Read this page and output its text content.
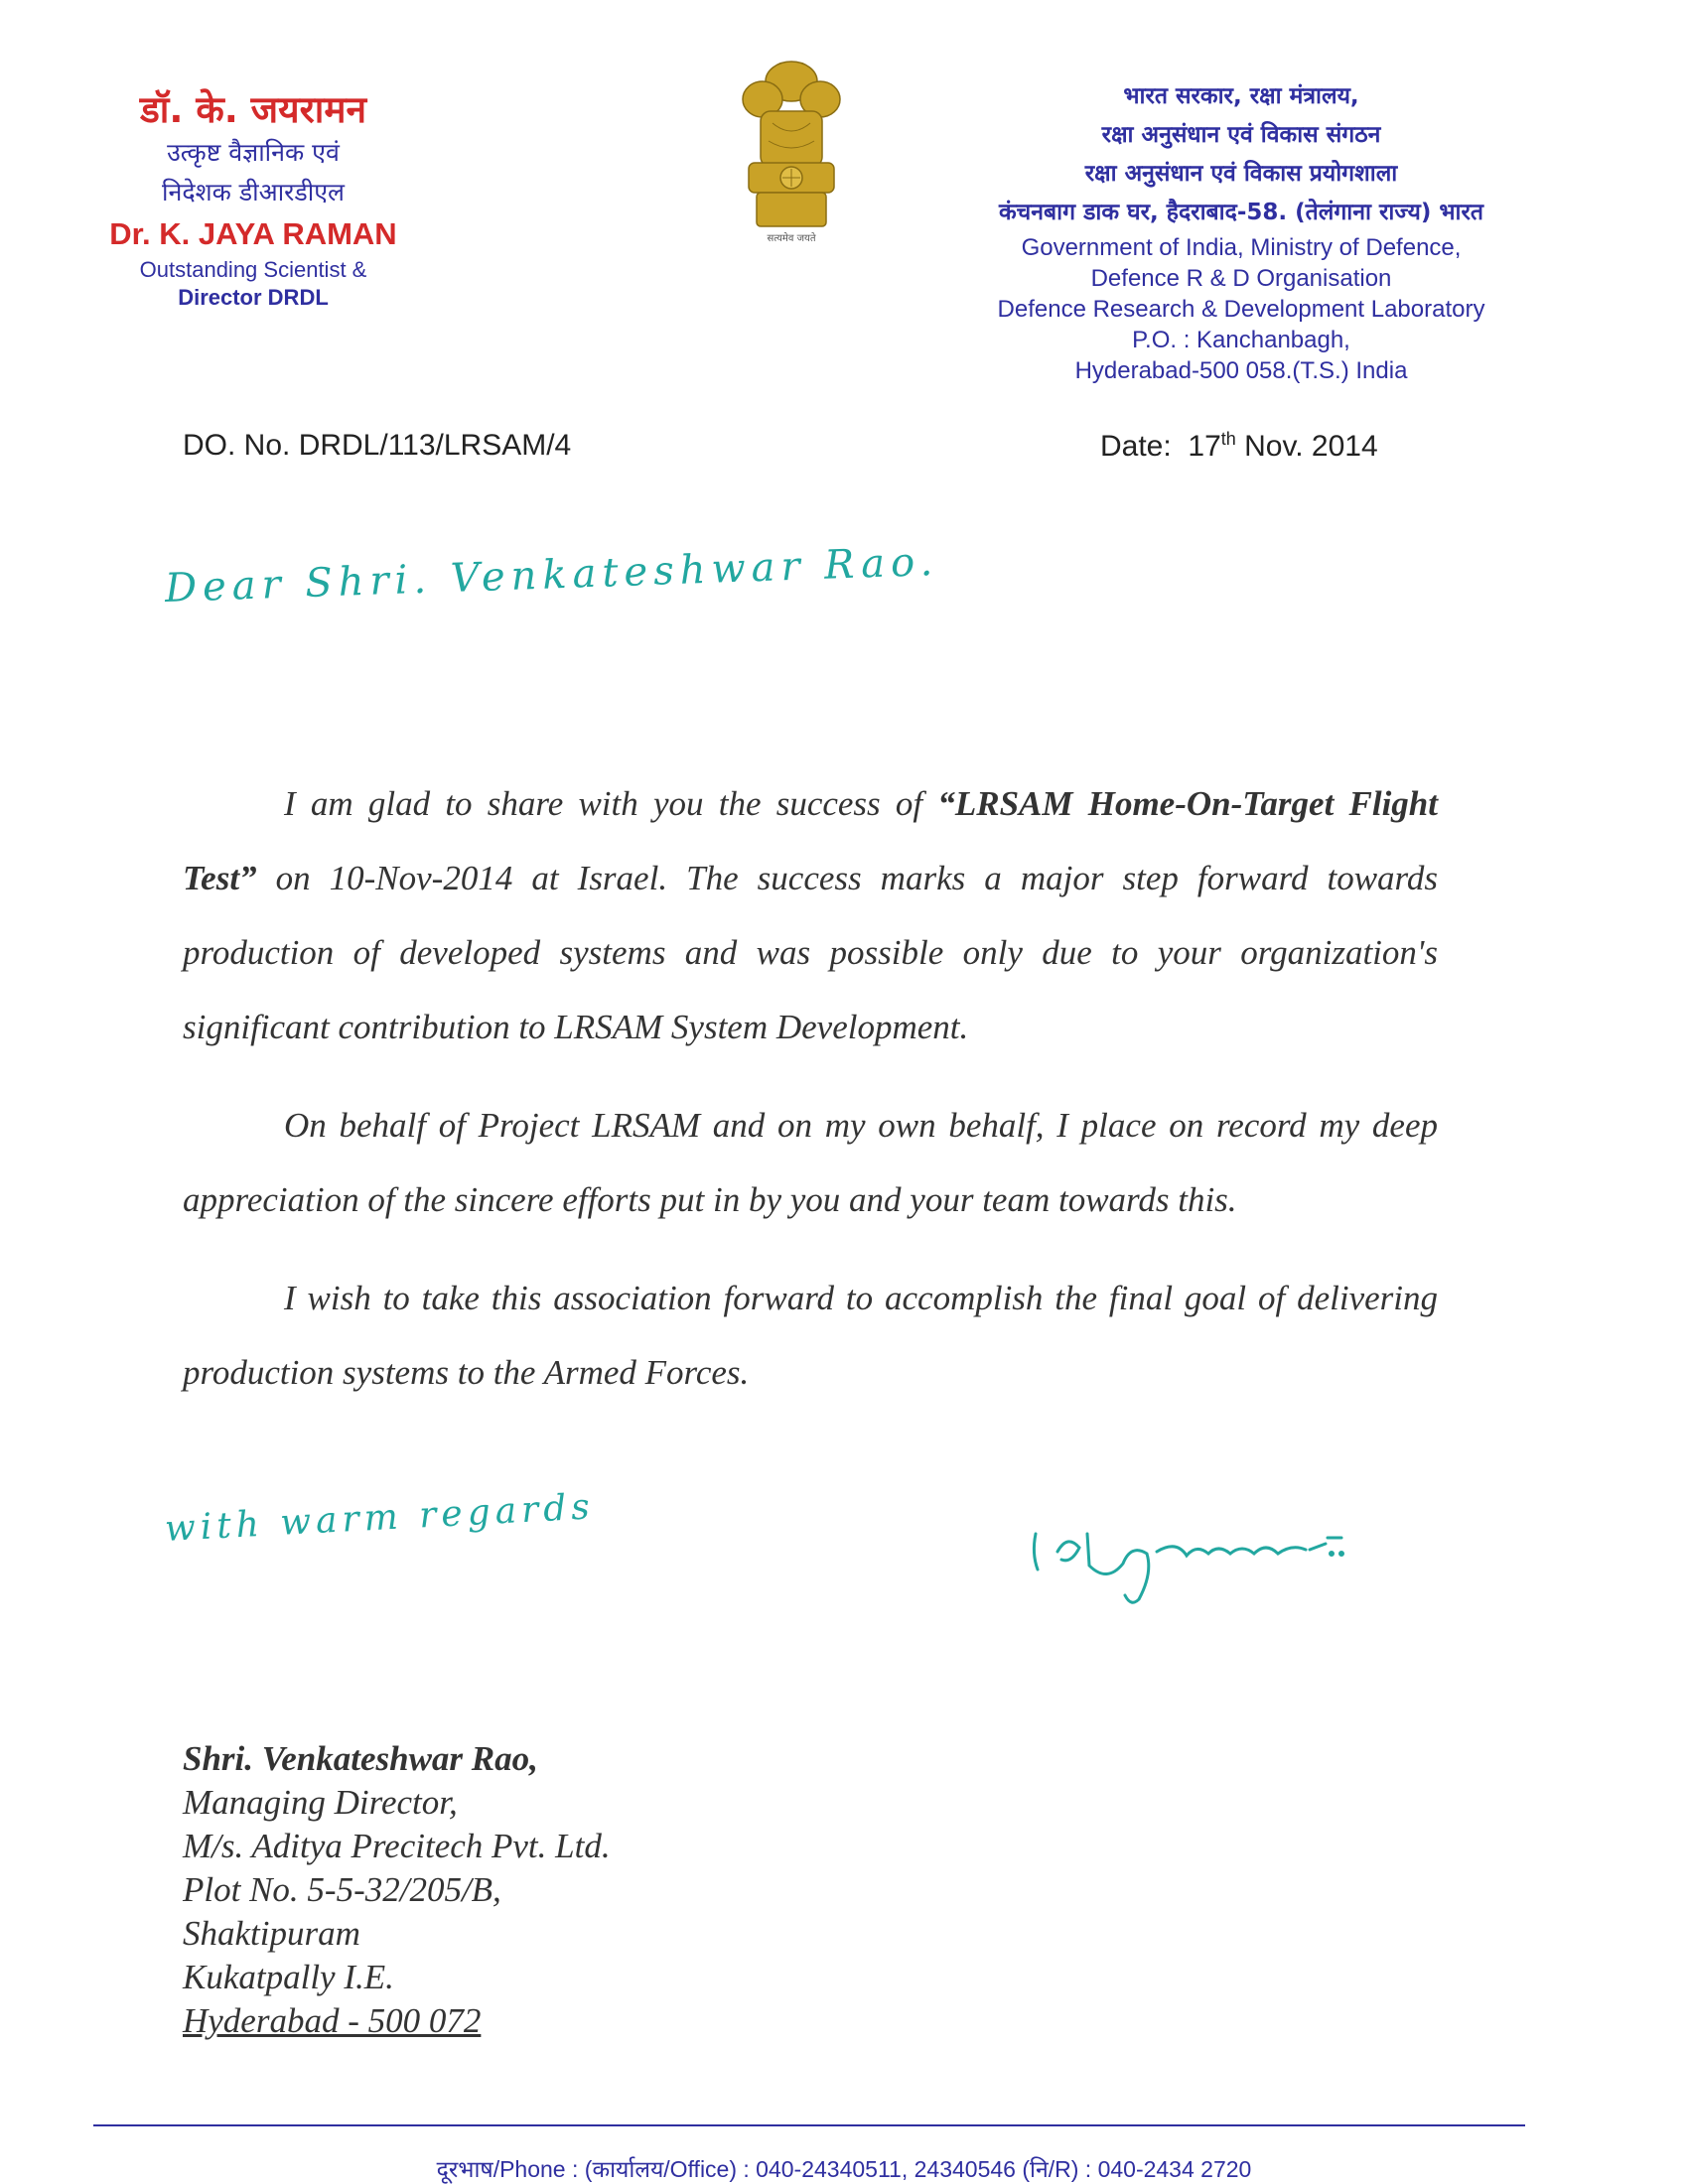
डॉ. के. जयरामन
उत्कृष्ट वैज्ञानिक एवं
निदेशक डीआरडीएल
Dr. K. JAYA RAMAN
Outstanding Scientist &
Director DRDL
सत्यमेव जयते
भारत सरकार, रक्षा मंत्रालय,
रक्षा अनुसंधान एवं विकास संगठन
रक्षा अनुसंधान एवं विकास प्रयोगशाला
कंचनबाग डाक घर, हैदराबाद-58. (तेलंगाना राज्य) भारत
Government of India, Ministry of Defence,
Defence R & D Organisation
Defence Research & Development Laboratory
P.O. : Kanchanbagh,
Hyderabad-500 058.(T.S.) India
DO. No. DRDL/113/LRSAM/4	Date: 17th Nov. 2014
Dear Shri. Venkateshwar Rao.

I am glad to share with you the success of “LRSAM Home-On-Target Flight Test” on 10-Nov-2014 at Israel. The success marks a major step forward towards production of developed systems and was possible only due to your organization's significant contribution to LRSAM System Development.

On behalf of Project LRSAM and on my own behalf, I place on record my deep appreciation of the sincere efforts put in by you and your team towards this.

I wish to take this association forward to accomplish the final goal of delivering production systems to the Armed Forces.

with warm regards
Shri. Venkateshwar Rao,
Managing Director,
M/s. Aditya Precitech Pvt. Ltd.
Plot No. 5-5-32/205/B,
Shaktipuram
Kukatpally I.E.
Hyderabad - 500 072
दूरभाष/Phone : (कार्यालय/Office) : 040-24340511, 24340546 (नि/R) : 040-2434 2720
